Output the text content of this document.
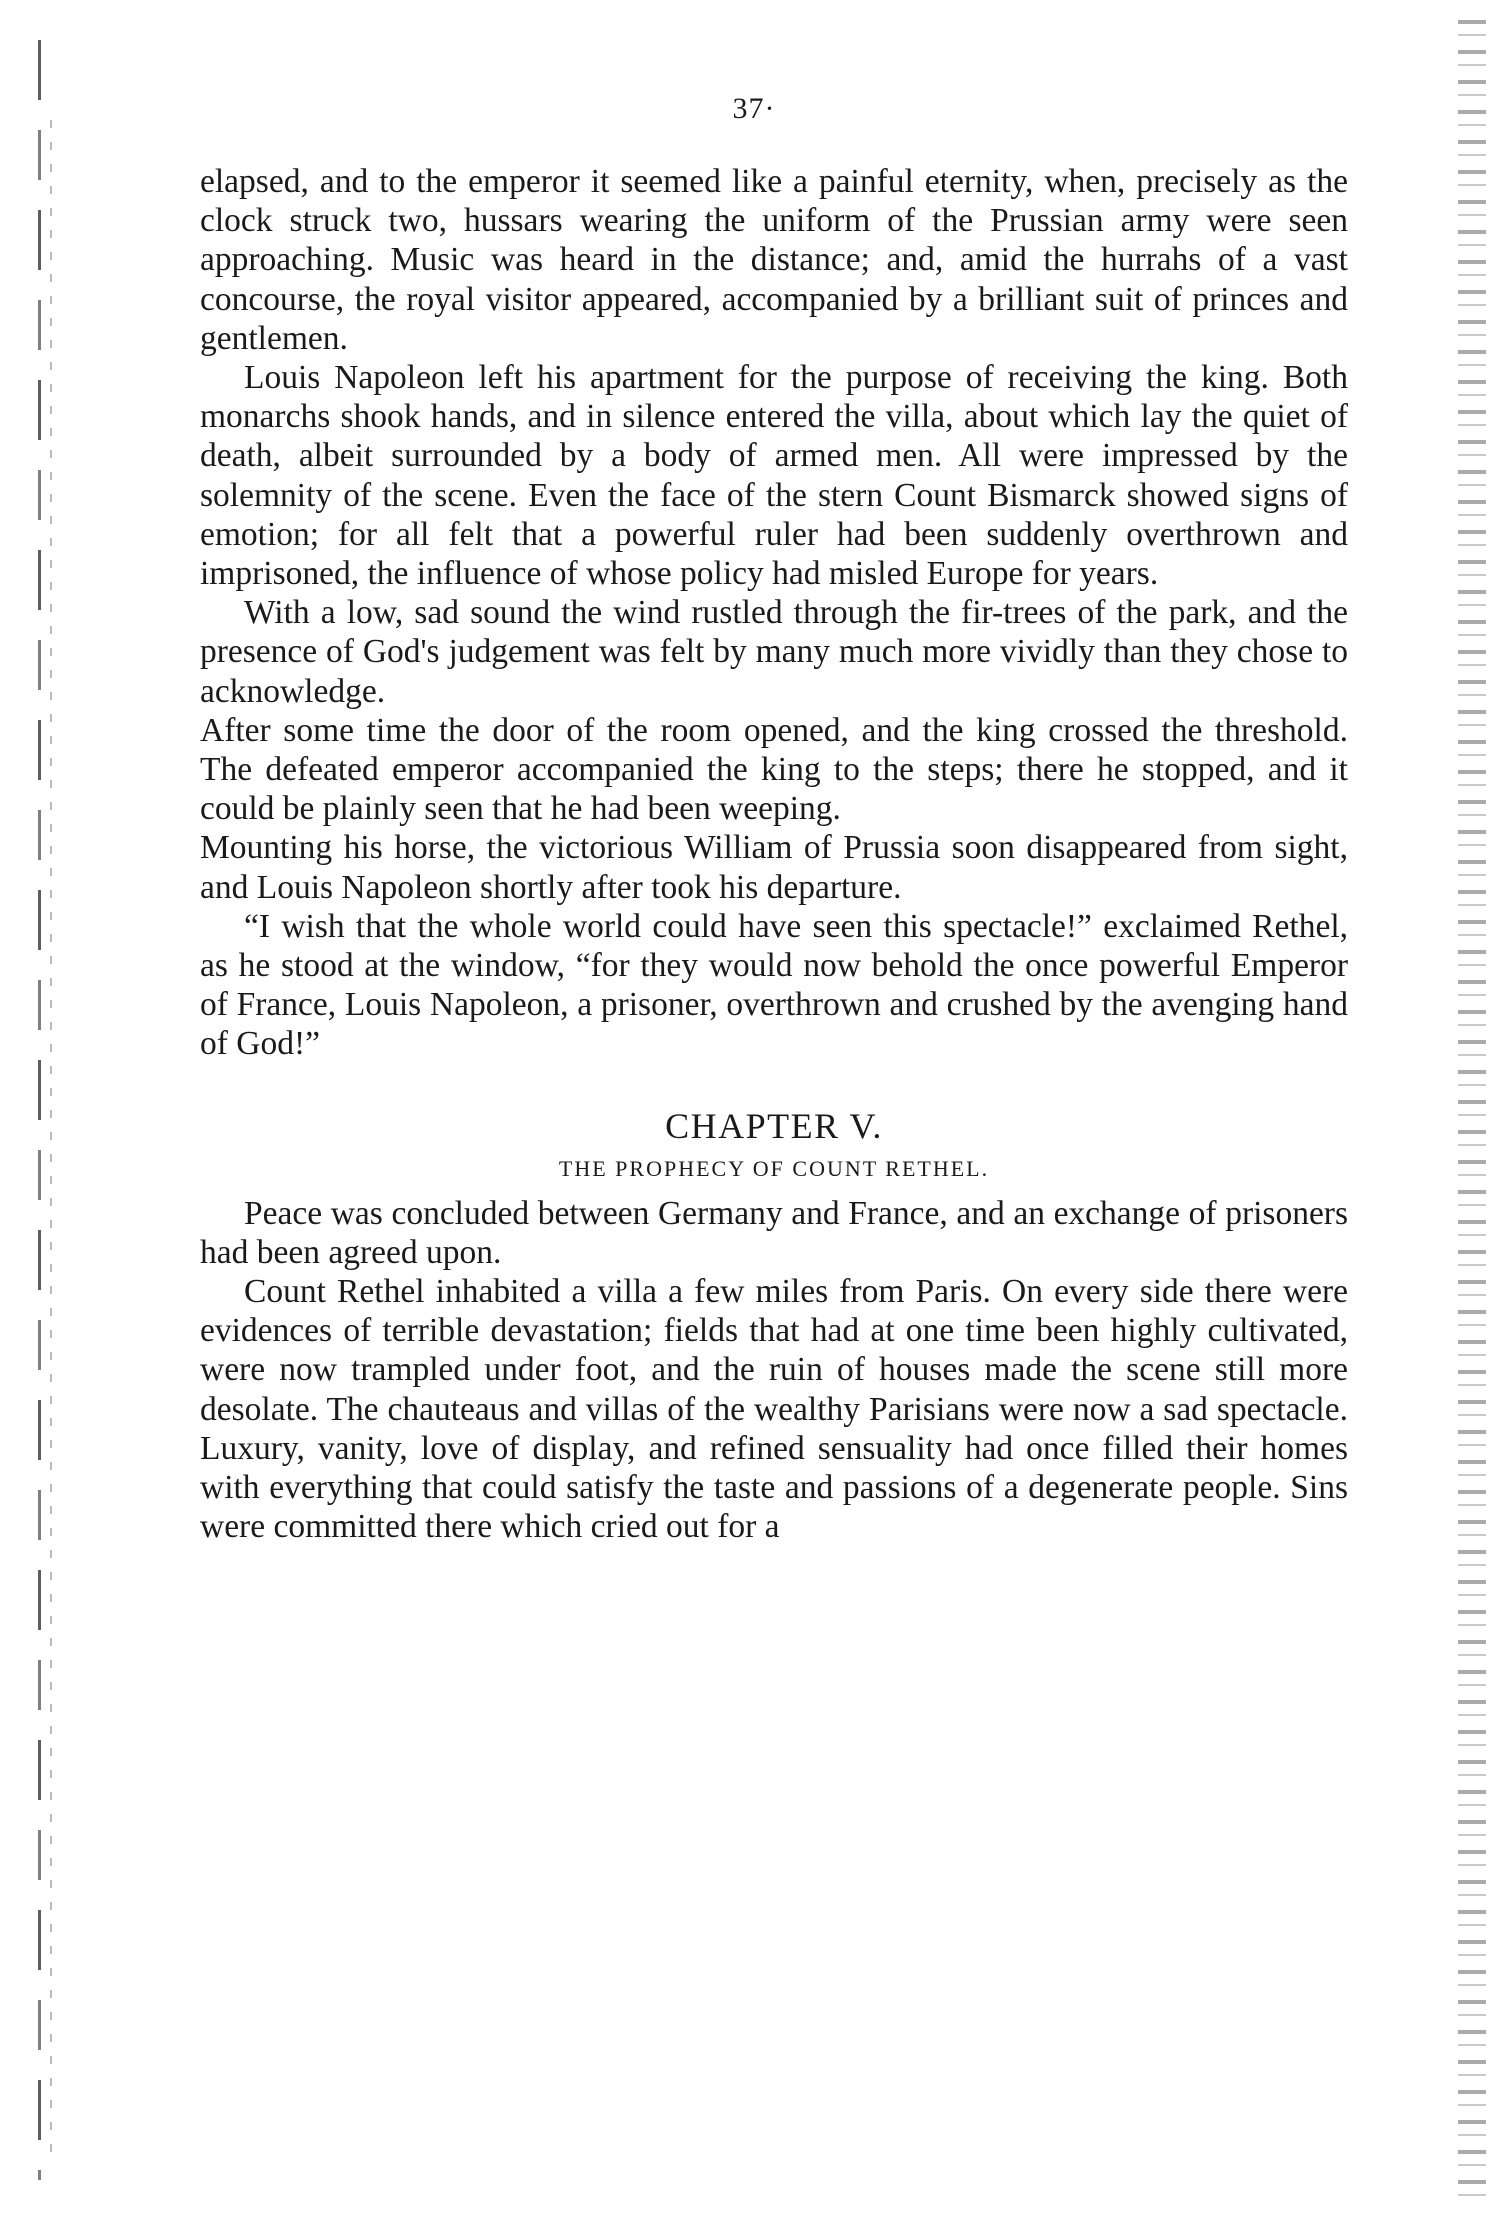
37·

elapsed, and to the emperor it seemed like a painful eternity, when, precisely as the clock struck two, hussars wearing the uniform of the Prussian army were seen approaching. Music was heard in the distance; and, amid the hurrahs of a vast concourse, the royal visitor appeared, accompanied by a brilliant suit of princes and gentlemen.

Louis Napoleon left his apartment for the purpose of receiving the king. Both monarchs shook hands, and in silence entered the villa, about which lay the quiet of death, albeit surrounded by a body of armed men. All were impressed by the solemnity of the scene. Even the face of the stern Count Bismarck showed signs of emotion; for all felt that a powerful ruler had been suddenly overthrown and imprisoned, the influence of whose policy had misled Europe for years.

With a low, sad sound the wind rustled through the fir-trees of the park, and the presence of God's judgement was felt by many much more vividly than they chose to acknowledge.

After some time the door of the room opened, and the king crossed the threshold. The defeated emperor accompanied the king to the steps; there he stopped, and it could be plainly seen that he had been weeping.

Mounting his horse, the victorious William of Prussia soon disappeared from sight, and Louis Napoleon shortly after took his departure.

“I wish that the whole world could have seen this spectacle!” exclaimed Rethel, as he stood at the window, “for they would now behold the once powerful Emperor of France, Louis Napoleon, a prisoner, overthrown and crushed by the avenging hand of God!”

CHAPTER V.
THE PROPHECY OF COUNT RETHEL.

Peace was concluded between Germany and France, and an exchange of prisoners had been agreed upon.

Count Rethel inhabited a villa a few miles from Paris. On every side there were evidences of terrible devastation; fields that had at one time been highly cultivated, were now trampled under foot, and the ruin of houses made the scene still more desolate. The chauteaus and villas of the wealthy Parisians were now a sad spectacle. Luxury, vanity, love of display, and refined sensuality had once filled their homes with everything that could satisfy the taste and passions of a degenerate people. Sins were committed there which cried out for a
